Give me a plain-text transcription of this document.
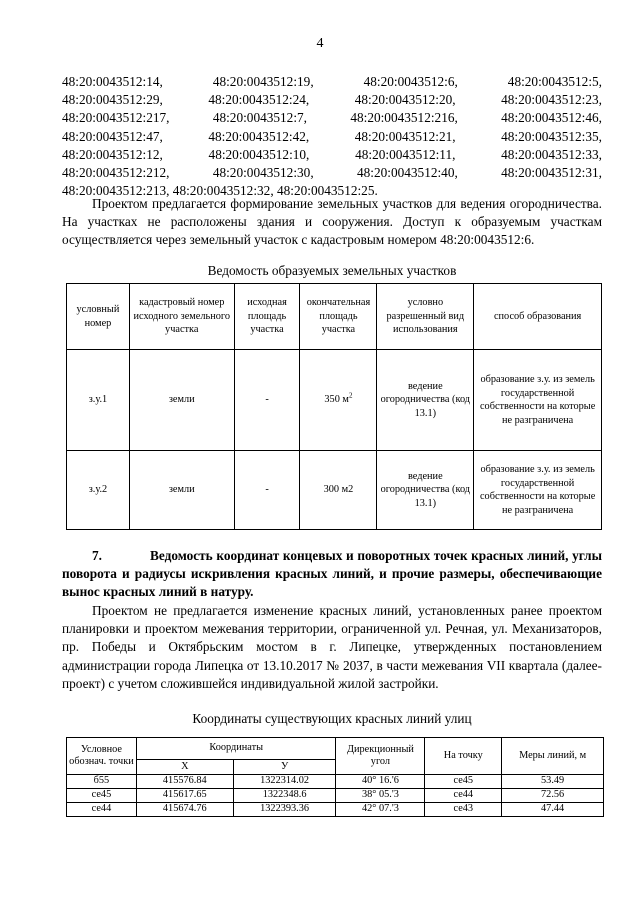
4
48:20:0043512:14,	48:20:0043512:19,	48:20:0043512:6,	48:20:0043512:5,
48:20:0043512:29,	48:20:0043512:24,	48:20:0043512:20,	48:20:0043512:23,
48:20:0043512:217,	48:20:0043512:7,	48:20:0043512:216,	48:20:0043512:46,
48:20:0043512:47,	48:20:0043512:42,	48:20:0043512:21,	48:20:0043512:35,
48:20:0043512:12,	48:20:0043512:10,	48:20:0043512:11,	48:20:0043512:33,
48:20:0043512:212,	48:20:0043512:30,	48:20:0043512:40,	48:20:0043512:31,
48:20:0043512:213, 48:20:0043512:32, 48:20:0043512:25.
Проектом предлагается формирование земельных участков для ведения огородничества. На участках не расположены здания и сооружения. Доступ к образуемым участкам осуществляется через земельный участок с кадастровым номером 48:20:0043512:6.
Ведомость образуемых земельных участков
условный номер	кадастровый номер исходного земельного участка	исходная площадь участка	окончательная площадь участка	условно разрешенный вид использования	способ образования
з.у.1	земли	-	350 $м^2$	ведение огородничества (код 13.1)	образование з.у. из земель государственной собственности на которые не разграничена
з.у.2	земли	-	300 м2	ведение огородничества (код 13.1)	образование з.у. из земель государственной собственности на которые не разграничена
7.	Ведомость координат концевых и поворотных точек красных линий, углы поворота и радиусы искривления красных линий, и прочие размеры, обеспечивающие вынос красных линий в натуру.
Проектом не предлагается изменение красных линий, установленных ранее проектом планировки и проектом межевания территории, ограниченной ул. Речная, ул. Механизаторов, пр. Победы и Октябрьским мостом в г. Липецке, утвержденных постановлением администрации города Липецка от 13.10.2017 № 2037, в части межевания VII квартала (далее-проект) с учетом сложившейся индивидуальной жилой застройки.
Координаты существующих красных линий улиц
Условное обознач. точки	Координаты		Дирекционный угол	На точку	Меры линий, м
	X	У			
б55	415576.84	1322314.02	40° 16.'6	се45	53.49
се45	415617.65	1322348.6	38° 05.'3	се44	72.56
се44	415674.76	1322393.36	42° 07.'3	се43	47.44
